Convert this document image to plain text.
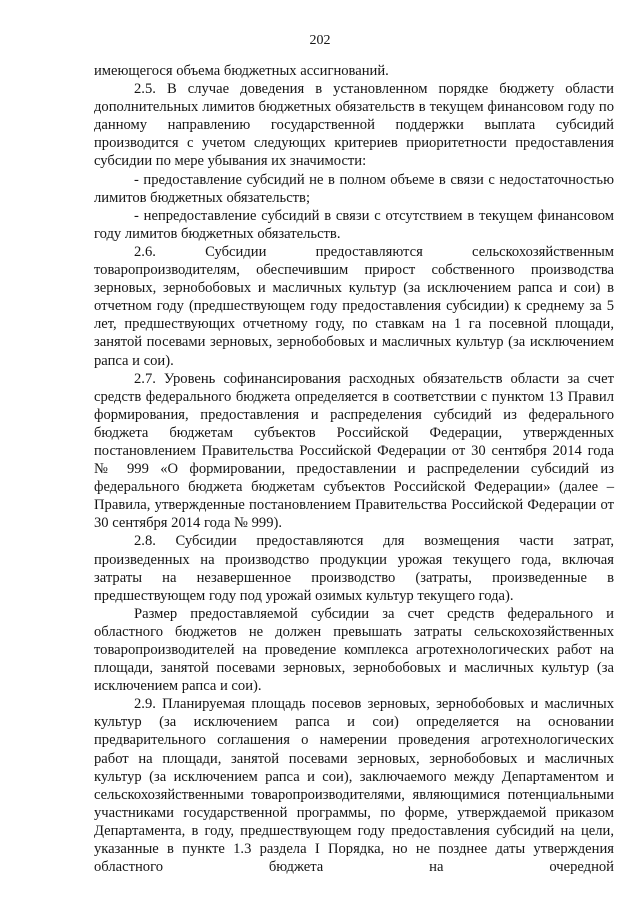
202

имеющегося объема бюджетных ассигнований.

2.5. В случае доведения в установленном порядке бюджету области дополнительных лимитов бюджетных обязательств в текущем финансовом году по данному направлению государственной поддержки выплата субсидий производится с учетом следующих критериев приоритетности предоставления субсидии по мере убывания их значимости:

- предоставление субсидий не в полном объеме в связи с недостаточностью лимитов бюджетных обязательств;

- непредоставление субсидий в связи с отсутствием в текущем финансовом году лимитов бюджетных обязательств.

2.6. Субсидии предоставляются сельскохозяйственным товаропроизводителям, обеспечившим прирост собственного производства зерновых, зернобобовых и масличных культур (за исключением рапса и сои) в отчетном году (предшествующем году предоставления субсидии) к среднему за 5 лет, предшествующих отчетному году, по ставкам на 1 га посевной площади, занятой посевами зерновых, зернобобовых и масличных культур (за исключением рапса и сои).

2.7. Уровень софинансирования расходных обязательств области за счет средств федерального бюджета определяется в соответствии с пунктом 13 Правил формирования, предоставления и распределения субсидий из федерального бюджета бюджетам субъектов Российской Федерации, утвержденных постановлением Правительства Российской Федерации от 30 сентября 2014 года № 999 «О формировании, предоставлении и распределении субсидий из федерального бюджета бюджетам субъектов Российской Федерации» (далее – Правила, утвержденные постановлением Правительства Российской Федерации от 30 сентября 2014 года № 999).

2.8. Субсидии предоставляются для возмещения части затрат, произведенных на производство продукции урожая текущего года, включая затраты на незавершенное производство (затраты, произведенные в предшествующем году под урожай озимых культур текущего года).

Размер предоставляемой субсидии за счет средств федерального и областного бюджетов не должен превышать затраты сельскохозяйственных товаропроизводителей на проведение комплекса агротехнологических работ на площади, занятой посевами зерновых, зернобобовых и масличных культур (за исключением рапса и сои).

2.9. Планируемая площадь посевов зерновых, зернобобовых и масличных культур (за исключением рапса и сои) определяется на основании предварительного соглашения о намерении проведения агротехнологических работ на площади, занятой посевами зерновых, зернобобовых и масличных культур (за исключением рапса и сои), заключаемого между Департаментом и сельскохозяйственными товаропроизводителями, являющимися потенциальными участниками государственной программы, по форме, утверждаемой приказом Департамента, в году, предшествующем году предоставления субсидий на цели, указанные в пункте 1.3 раздела I Порядка, но не позднее даты утверждения областного бюджета на очередной
